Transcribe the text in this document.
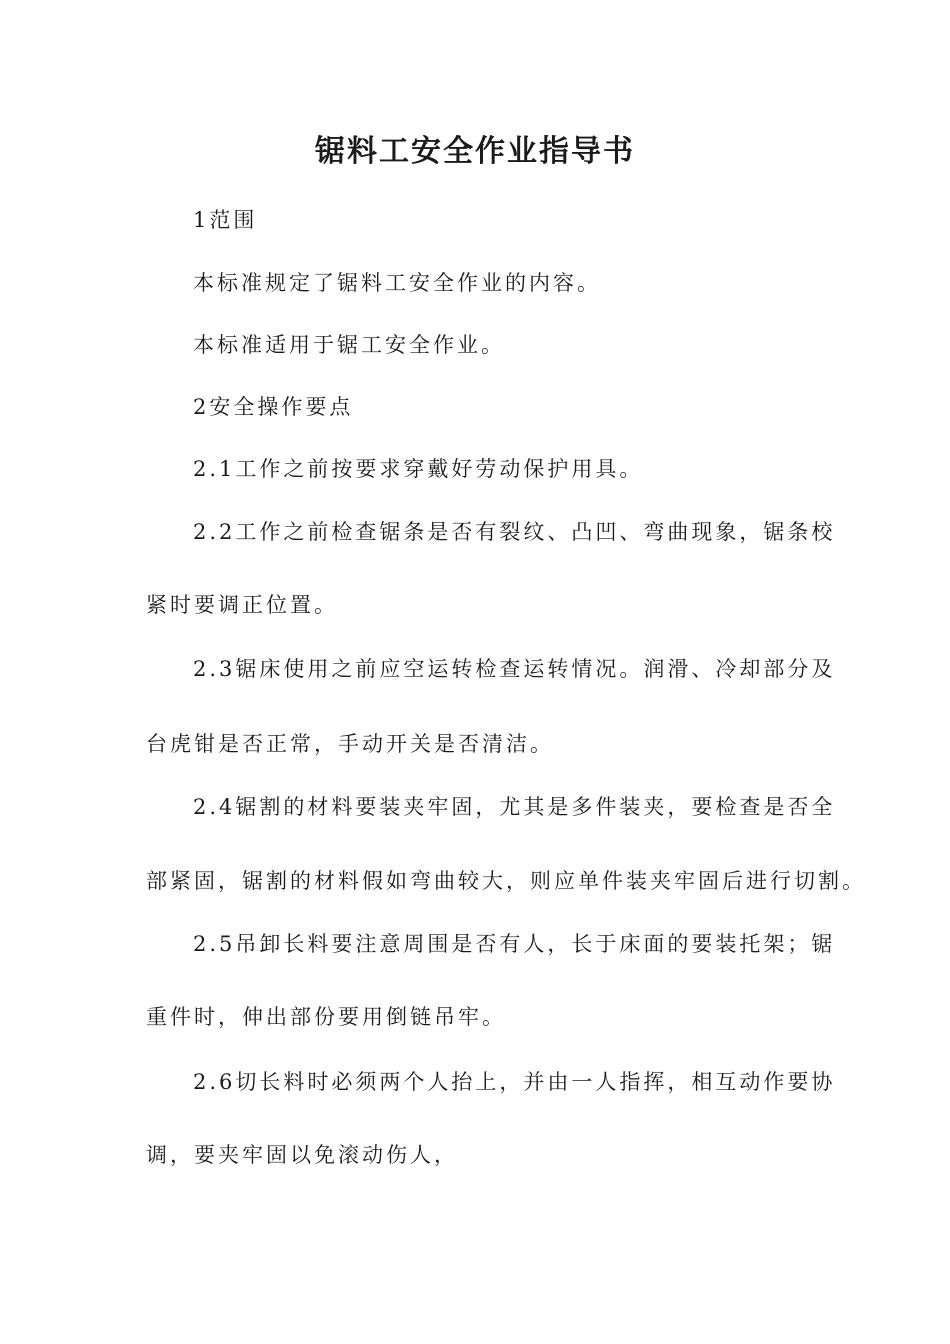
锯料工安全作业指导书
1范围
本标准规定了锯料工安全作业的内容。
本标准适用于锯工安全作业。
2安全操作要点
2.1工作之前按要求穿戴好劳动保护用具。
2.2工作之前检查锯条是否有裂纹、凸凹、弯曲现象，锯条校
紧时要调正位置。
2.3锯床使用之前应空运转检查运转情况。润滑、冷却部分及
台虎钳是否正常，手动开关是否清洁。
2.4锯割的材料要装夹牢固，尤其是多件装夹，要检查是否全
部紧固，锯割的材料假如弯曲较大，则应单件装夹牢固后进行切割。
2.5吊卸长料要注意周围是否有人，长于床面的要装托架；锯
重件时，伸出部份要用倒链吊牢。
2.6切长料时必须两个人抬上，并由一人指挥，相互动作要协
调，要夹牢固以免滚动伤人，
